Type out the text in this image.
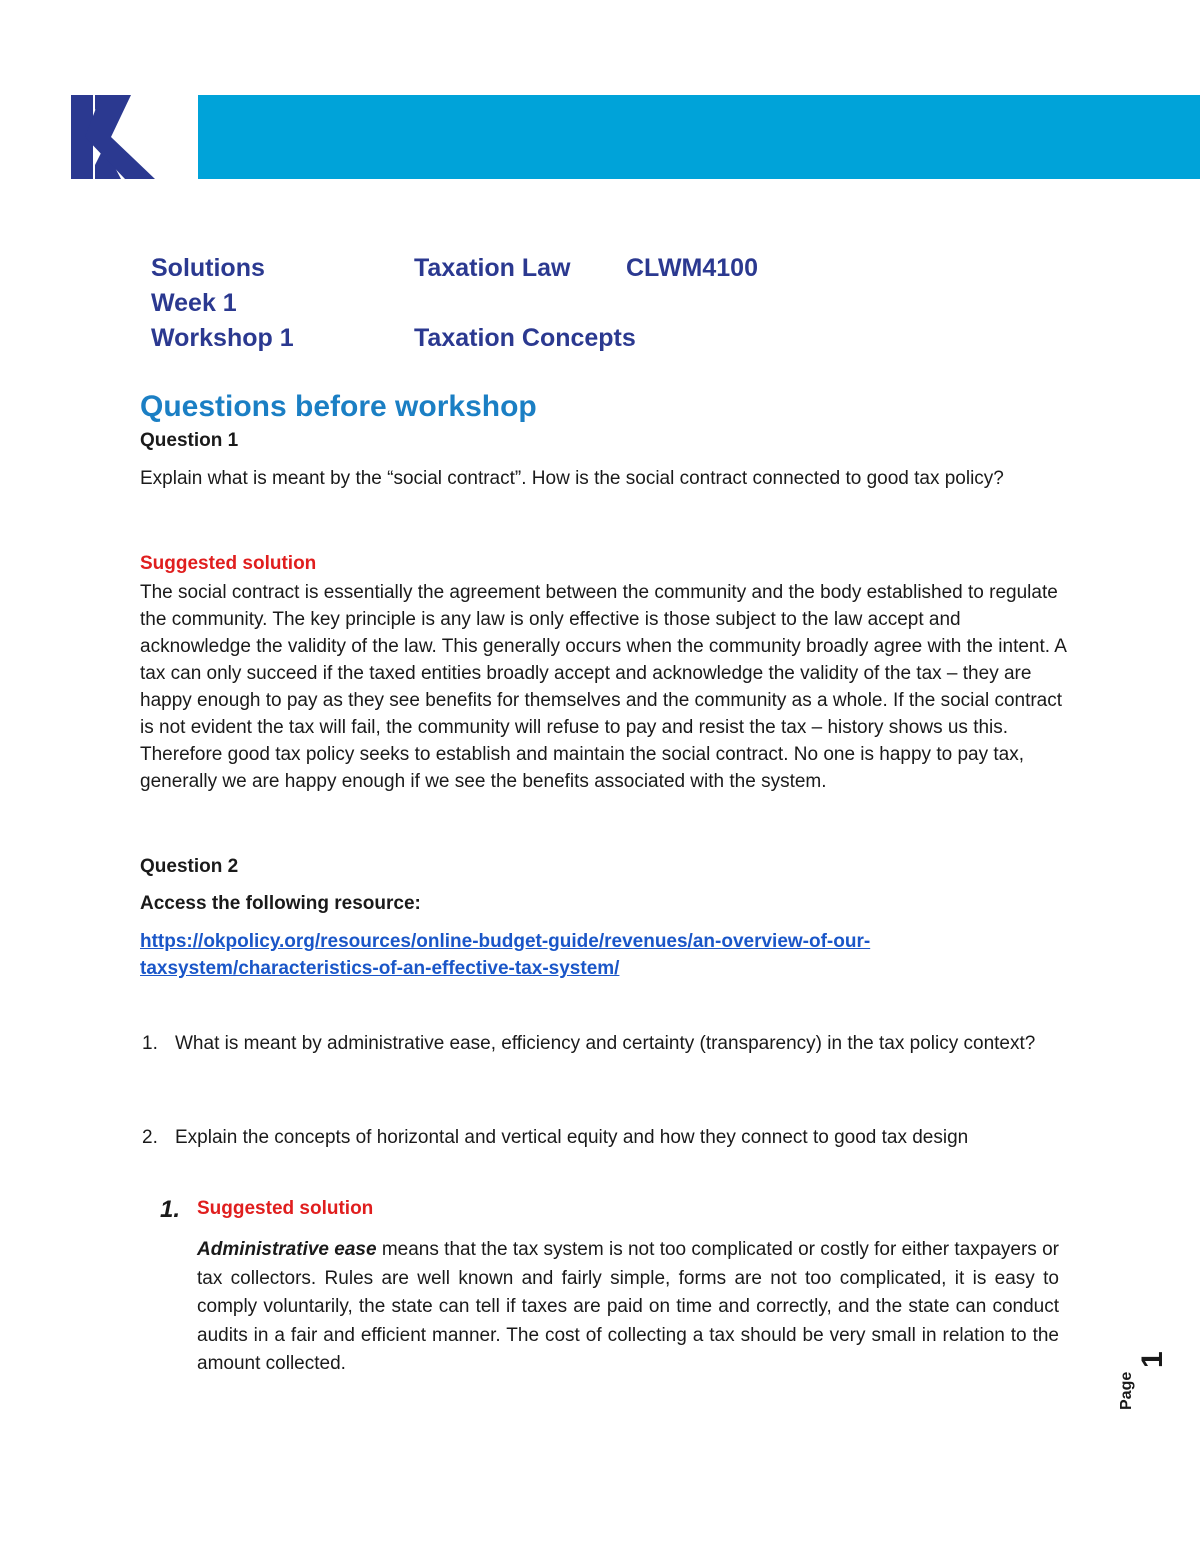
Solutions
Week 1
Workshop 1
Taxation Law CLWM4100
Taxation Concepts
Questions before workshop
Question 1

Explain what is meant by the “social contract”. How is the social contract connected to good tax policy?

Suggested solution

The social contract is essentially the agreement between the community and the body established to regulate the community. The key principle is any law is only effective is those subject to the law accept and acknowledge the validity of the law. This generally occurs when the community broadly agree with the intent. A tax can only succeed if the taxed entities broadly accept and acknowledge the validity of the tax – they are happy enough to pay as they see benefits for themselves and the community as a whole. If the social contract is not evident the tax will fail, the community will refuse to pay and resist the tax – history shows us this. Therefore good tax policy seeks to establish and maintain the social contract. No one is happy to pay tax, generally we are happy enough if we see the benefits associated with the system.

Question 2
Access the following resource:
https://okpolicy.org/resources/online-budget-guide/revenues/an-overview-of-our-
taxsystem/characteristics-of-an-effective-tax-system/
1. What is meant by administrative ease, efficiency and certainty (transparency) in the tax policy context?

2. Explain the concepts of horizontal and vertical equity and how they connect to good tax design

1. Suggested solution

Administrative ease means that the tax system is not too complicated or costly for either taxpayers or tax collectors. Rules are well known and fairly simple, forms are not too complicated, it is easy to comply voluntarily, the state can tell if taxes are paid on time and correctly, and the state can conduct audits in a fair and efficient manner. The cost of collecting a tax should be very small in relation to the amount collected.

Page
1
